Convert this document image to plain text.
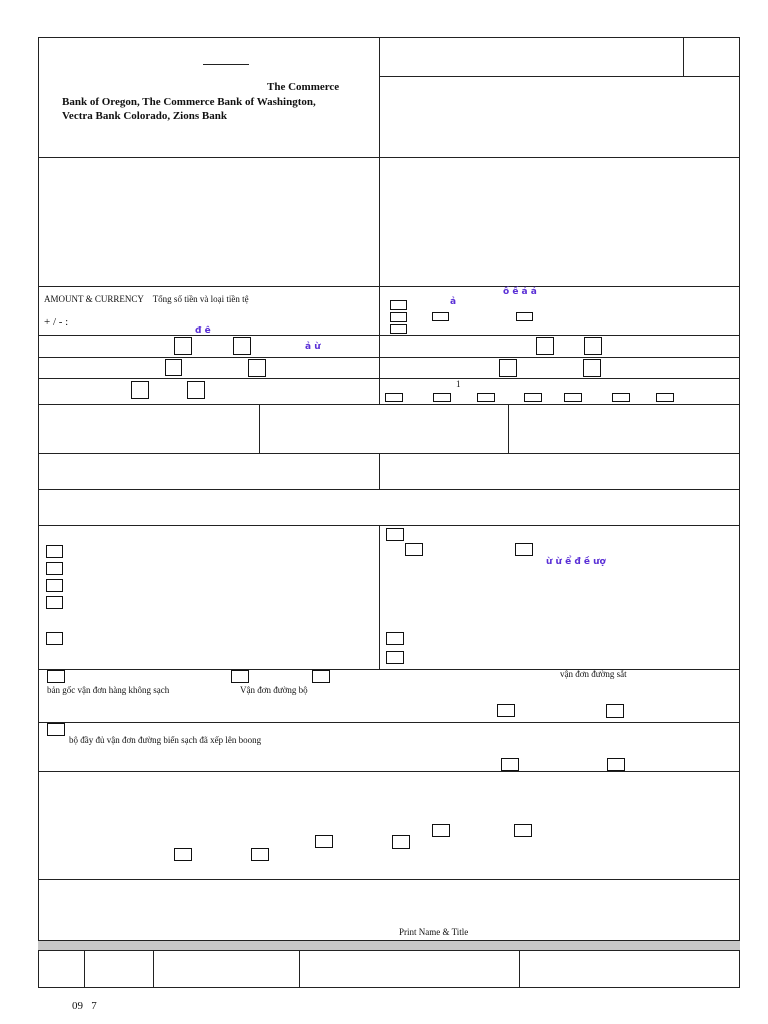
The Commerce
Bank of Oregon, The Commerce Bank of Washington,
Vectra Bank Colorado, Zions Bank
AMOUNT & CURRENCY Tổng số tiền và loại tiền tệ
+ / - :
đ ê
ả
ố ế á á
ả ừ
1
ừ ừ ể đ ề ượ
bản gốc vận đơn hàng không sạch	Vận đơn đường bộ
vận đơn đường sắt
bộ đầy đủ vận đơn đường biển sạch đã xếp lên boong
Print Name & Title
09   7
